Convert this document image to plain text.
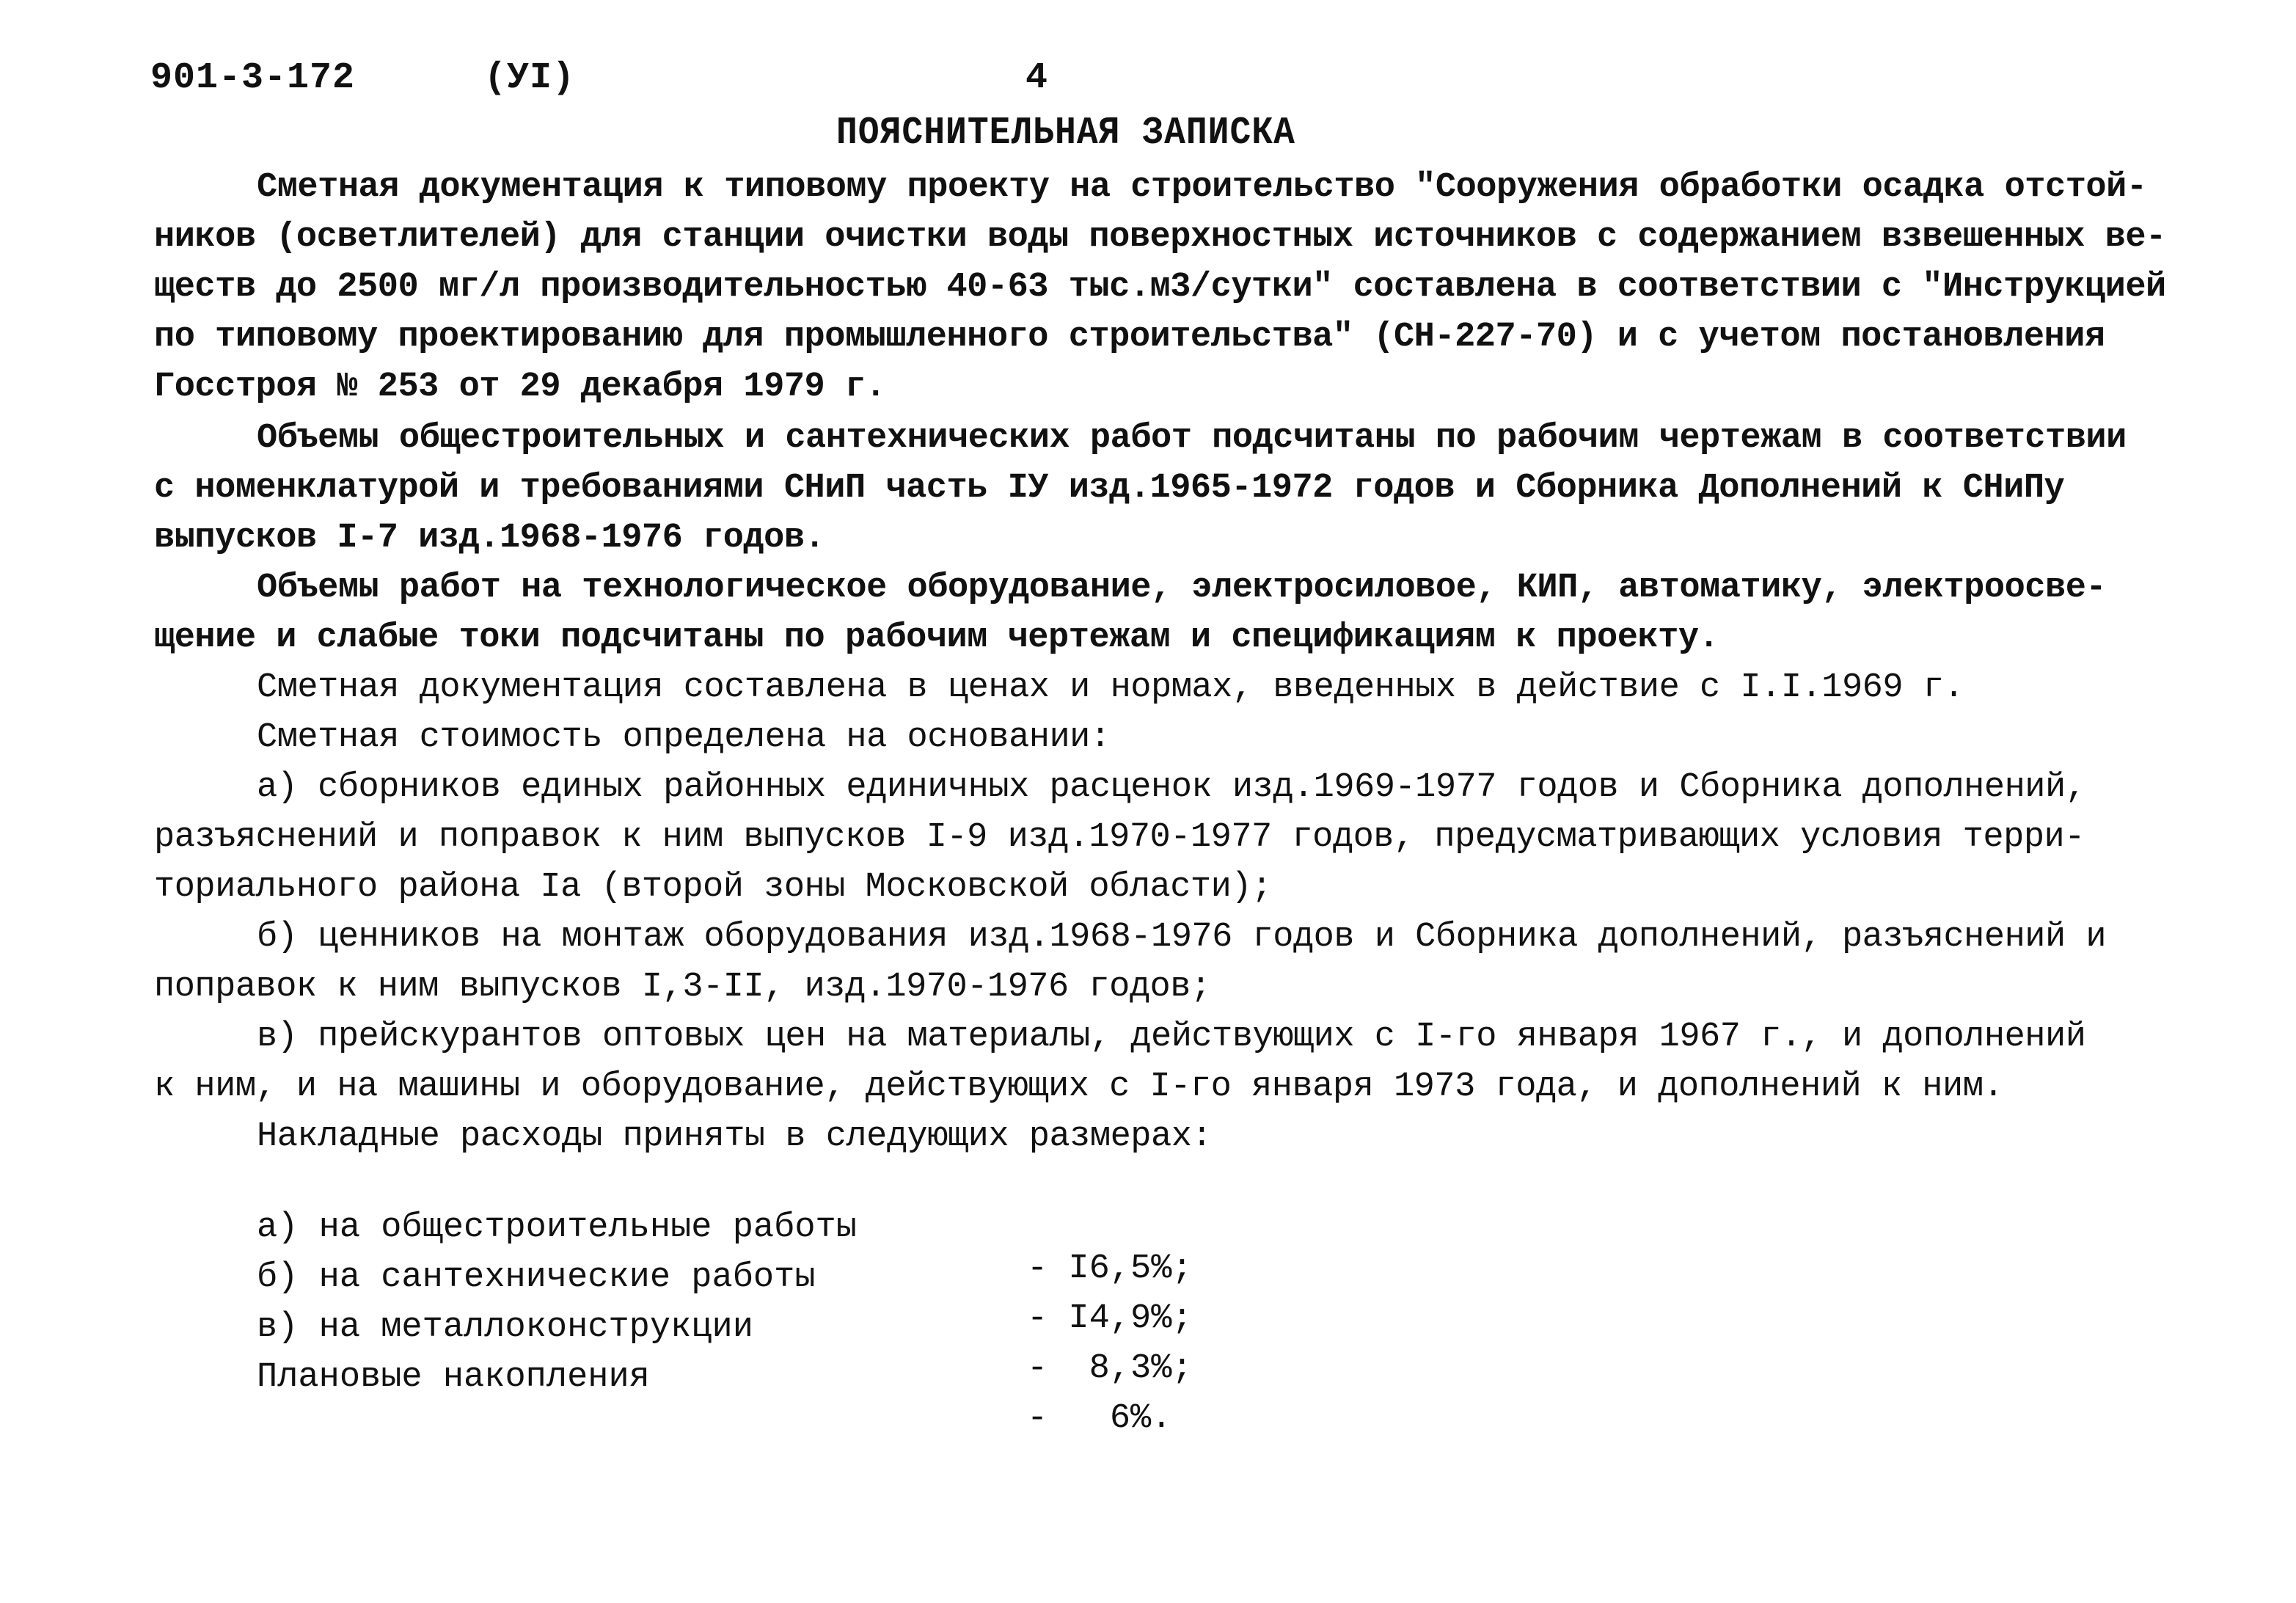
901-3-172	(УI)	4
ПОЯСНИТЕЛЬНАЯ ЗАПИСКА
Сметная документация к типовому проекту на строительство "Сооружения обработки осадка отстой-
ников (осветлителей) для станции очистки воды поверхностных источников с содержанием взвешенных ве-
ществ до 2500 мг/л производительностью 40-63 тыс.м3/сутки" составлена в соответствии с "Инструкцией
по типовому проектированию для промышленного строительства" (СН-227-70) и с учетом постановления
Госстроя № 253 от 29 декабря 1979 г.
Объемы общестроительных и сантехнических работ подсчитаны по рабочим чертежам в соответствии
с номенклатурой и требованиями СНиП часть IУ изд.1965-1972 годов и Сборника Дополнений к СНиПу
выпусков I-7 изд.1968-1976 годов.
Объемы работ на технологическое оборудование, электросиловое, КИП, автоматику, электроосве-
щение и слабые токи подсчитаны по рабочим чертежам и спецификациям к проекту.
Сметная документация составлена в ценах и нормах, введенных в действие с I.I.1969 г.
Сметная стоимость определена на основании:
а) сборников единых районных единичных расценок изд.1969-1977 годов и Сборника дополнений,
разъяснений и поправок к ним выпусков I-9 изд.1970-1977 годов, предусматривающих условия терри-
ториального района Iа (второй зоны Московской области);
б) ценников на монтаж оборудования изд.1968-1976 годов и Сборника дополнений, разъяснений и
поправок к ним выпусков I,3-II, изд.1970-1976 годов;
в) прейскурантов оптовых цен на материалы, действующих с I-го января 1967 г., и дополнений
к ним, и на машины и оборудование, действующих с I-го января 1973 года, и дополнений к ним.
Накладные расходы приняты в следующих размерах:

а) на общестроительные работы

- I6,5%;

б) на сантехнические работы

- I4,9%;

в) на металлоконструкции

-  8,3%;

Плановые накопления

-   6%.
